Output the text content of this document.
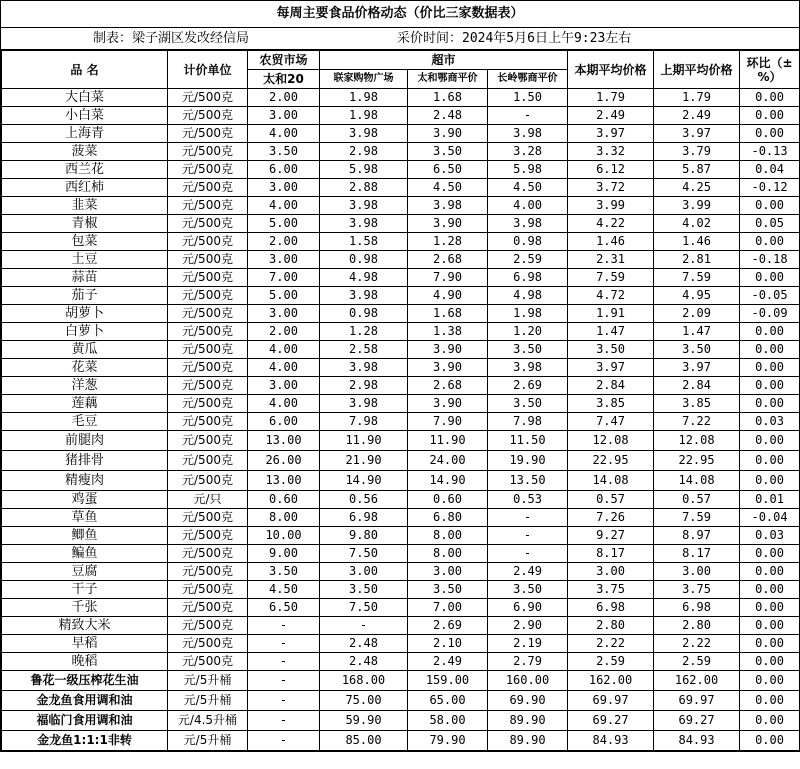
每周主要食品价格动态（价比三家数据表）
制表：梁子湖区发改经信局	采价时间：2024年5月6日上午9:23左右
品 名	计价单位	农贸市场	超市			本期平均价格	上期平均价格	环比（±%）
		太和20	联家购物广场	太和鄂商平价	长岭鄂商平价			
大白菜	元/500克	2.00	1.98	1.68	1.50	1.79	1.79	0.00
小白菜	元/500克	3.00	1.98	2.48	-	2.49	2.49	0.00
上海青	元/500克	4.00	3.98	3.90	3.98	3.97	3.97	0.00
菠菜	元/500克	3.50	2.98	3.50	3.28	3.32	3.79	-0.13
西兰花	元/500克	6.00	5.98	6.50	5.98	6.12	5.87	0.04
西红柿	元/500克	3.00	2.88	4.50	4.50	3.72	4.25	-0.12
韭菜	元/500克	4.00	3.98	3.98	4.00	3.99	3.99	0.00
青椒	元/500克	5.00	3.98	3.90	3.98	4.22	4.02	0.05
包菜	元/500克	2.00	1.58	1.28	0.98	1.46	1.46	0.00
土豆	元/500克	3.00	0.98	2.68	2.59	2.31	2.81	-0.18
蒜苗	元/500克	7.00	4.98	7.90	6.98	7.59	7.59	0.00
茄子	元/500克	5.00	3.98	4.90	4.98	4.72	4.95	-0.05
胡萝卜	元/500克	3.00	0.98	1.68	1.98	1.91	2.09	-0.09
白萝卜	元/500克	2.00	1.28	1.38	1.20	1.47	1.47	0.00
黄瓜	元/500克	4.00	2.58	3.90	3.50	3.50	3.50	0.00
花菜	元/500克	4.00	3.98	3.90	3.98	3.97	3.97	0.00
洋葱	元/500克	3.00	2.98	2.68	2.69	2.84	2.84	0.00
莲藕	元/500克	4.00	3.98	3.90	3.50	3.85	3.85	0.00
毛豆	元/500克	6.00	7.98	7.90	7.98	7.47	7.22	0.03
前腿肉	元/500克	13.00	11.90	11.90	11.50	12.08	12.08	0.00
猪排骨	元/500克	26.00	21.90	24.00	19.90	22.95	22.95	0.00
精瘦肉	元/500克	13.00	14.90	14.90	13.50	14.08	14.08	0.00
鸡蛋	元/只	0.60	0.56	0.60	0.53	0.57	0.57	0.01
草鱼	元/500克	8.00	6.98	6.80	-	7.26	7.59	-0.04
鲫鱼	元/500克	10.00	9.80	8.00	-	9.27	8.97	0.03
鳊鱼	元/500克	9.00	7.50	8.00	-	8.17	8.17	0.00
豆腐	元/500克	3.50	3.00	3.00	2.49	3.00	3.00	0.00
干子	元/500克	4.50	3.50	3.50	3.50	3.75	3.75	0.00
千张	元/500克	6.50	7.50	7.00	6.90	6.98	6.98	0.00
精致大米	元/500克	-	-	2.69	2.90	2.80	2.80	0.00
早稻	元/500克	-	2.48	2.10	2.19	2.22	2.22	0.00
晚稻	元/500克	-	2.48	2.49	2.79	2.59	2.59	0.00
鲁花一级压榨花生油	元/5升桶	-	168.00	159.00	160.00	162.00	162.00	0.00
金龙鱼食用调和油	元/5升桶	-	75.00	65.00	69.90	69.97	69.97	0.00
福临门食用调和油	元/4.5升桶	-	59.90	58.00	89.90	69.27	69.27	0.00
金龙鱼1:1:1非转	元/5升桶	-	85.00	79.90	89.90	84.93	84.93	0.00
